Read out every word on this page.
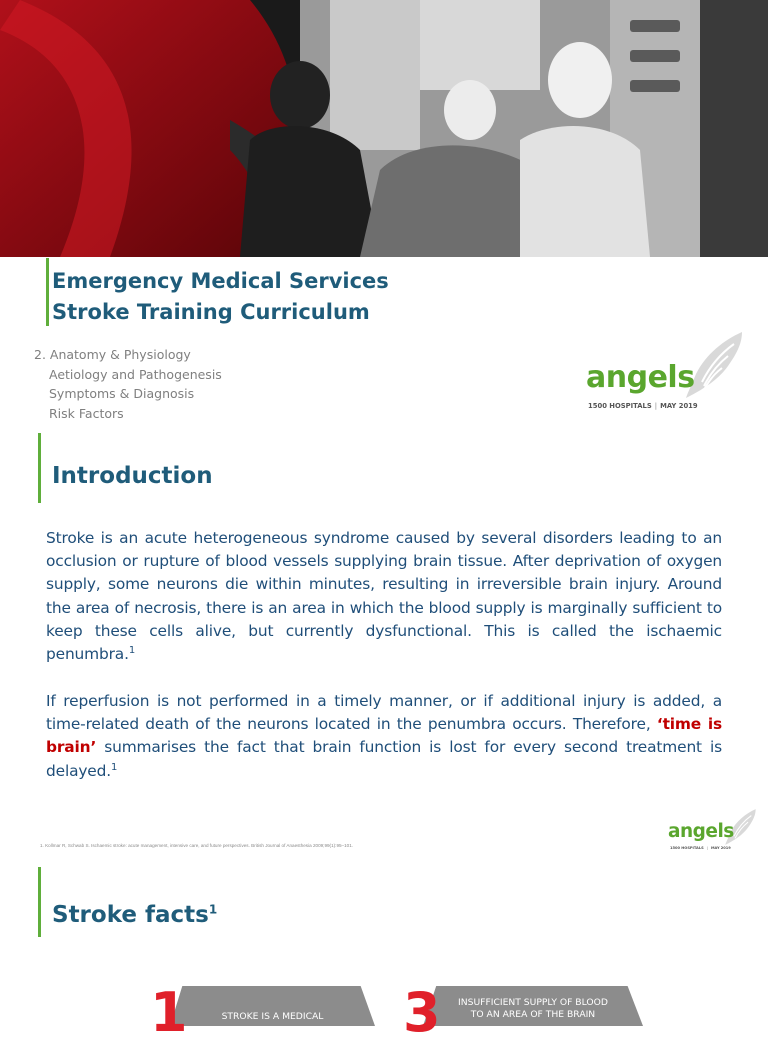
Emergency Medical Services
Stroke Training Curriculum
2. Anatomy & Physiology
Aetiology and Pathogenesis
Symptoms & Diagnosis
Risk Factors
angels
1500 HOSPITALS | MAY 2019
Introduction

Stroke is an acute heterogeneous syndrome caused by several disorders leading to an occlusion or rupture of blood vessels supplying brain tissue. After deprivation of oxygen supply, some neurons die within minutes, resulting in irreversible brain injury. Around the area of necrosis, there is an area in which the blood supply is marginally sufficient to keep these cells alive, but currently dysfunctional. This is called the ischaemic penumbra.$^1$

If reperfusion is not performed in a timely manner, or if additional injury is added, a time-related death of the neurons located in the penumbra occurs. Therefore, ‘time is brain’ summarises the fact that brain function is lost for every second treatment is delayed.$^1$

1. Kollmar R, Schwab S. Ischaemic stroke: acute management, intensive care, and future perspectives. British Journal of Anaesthesia 2009;99(1):95–101.

angels
1500 HOSPITALS | MAY 2019
Stroke facts$^1$
1	STROKE IS A MEDICAL	3	INSUFFICIENT SUPPLY OF BLOOD
TO AN AREA OF THE BRAIN
